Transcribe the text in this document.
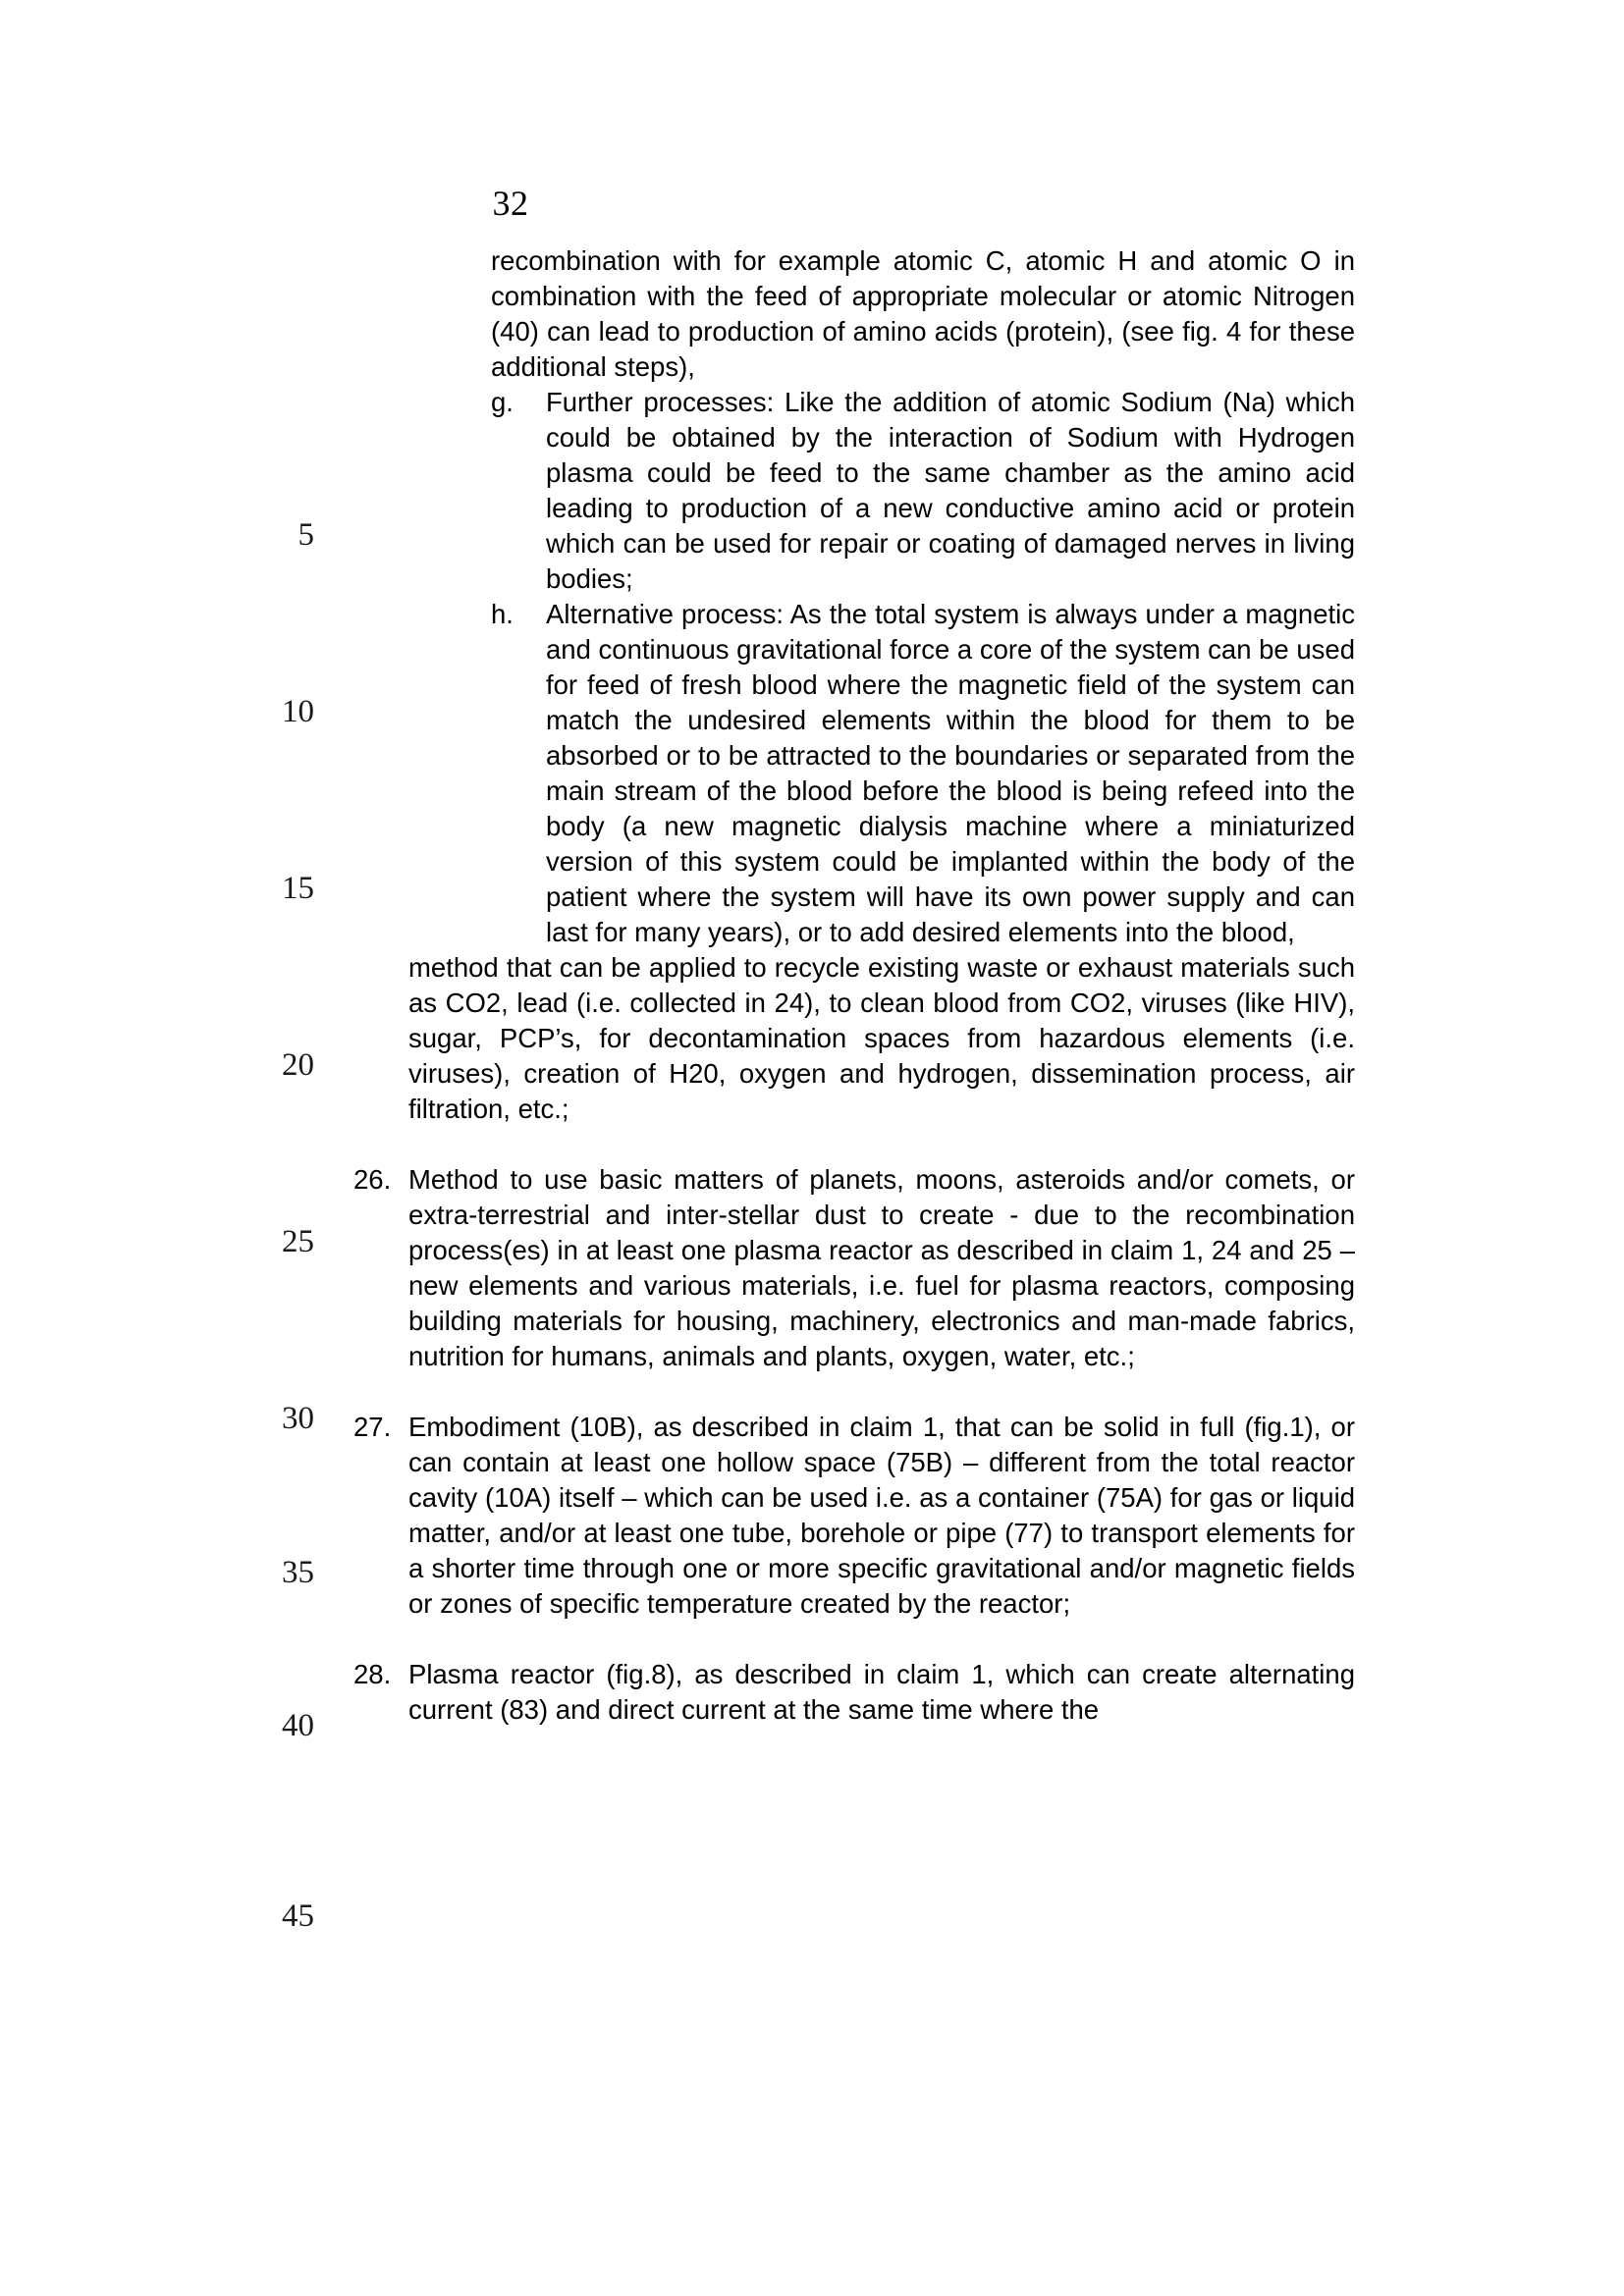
32
5
10
15
20
25
30
35
40
45
recombination with for example atomic C, atomic H and atomic O in combination with the feed of appropriate molecular or atomic Nitrogen (40) can lead to production of amino acids (protein), (see fig. 4 for these additional steps),
g.	Further processes: Like the addition of atomic Sodium (Na) which could be obtained by the interaction of Sodium with Hydrogen plasma could be feed to the same chamber as the amino acid leading to production of a new conductive amino acid or protein which can be used for repair or coating of damaged nerves in living bodies;
h.	Alternative process: As the total system is always under a magnetic and continuous gravitational force a core of the system can be used for feed of fresh blood where the magnetic field of the system can match the undesired elements within the blood for them to be absorbed or to be attracted to the boundaries or separated from the main stream of the blood before the blood is being refeed into the body (a new magnetic dialysis machine where a miniaturized version of this system could be implanted within the body of the patient where the system will have its own power supply and can last for many years), or to add desired elements into the blood,
method that can be applied to recycle existing waste or exhaust materials such as CO2, lead (i.e. collected in 24), to clean blood from CO2, viruses (like HIV), sugar, PCP’s, for decontamination spaces from hazardous elements (i.e. viruses), creation of H20, oxygen and hydrogen, dissemination process, air filtration, etc.;
26. Method to use basic matters of planets, moons, asteroids and/or comets, or extra-terrestrial and inter-stellar dust to create - due to the recombination process(es) in at least one plasma reactor as described in claim 1, 24 and 25 – new elements and various materials, i.e. fuel for plasma reactors, composing building materials for housing, machinery, electronics and man-made fabrics, nutrition for humans, animals and plants, oxygen, water, etc.;
27. Embodiment (10B), as described in claim 1, that can be solid in full (fig.1), or can contain at least one hollow space (75B) – different from the total reactor cavity (10A) itself – which can be used i.e. as a container (75A) for gas or liquid matter, and/or at least one tube, borehole or pipe (77) to transport elements for a shorter time through one or more specific gravitational and/or magnetic fields or zones of specific temperature created by the reactor;
28. Plasma reactor (fig.8), as described in claim 1, which can create alternating current (83) and direct current at the same time where the
